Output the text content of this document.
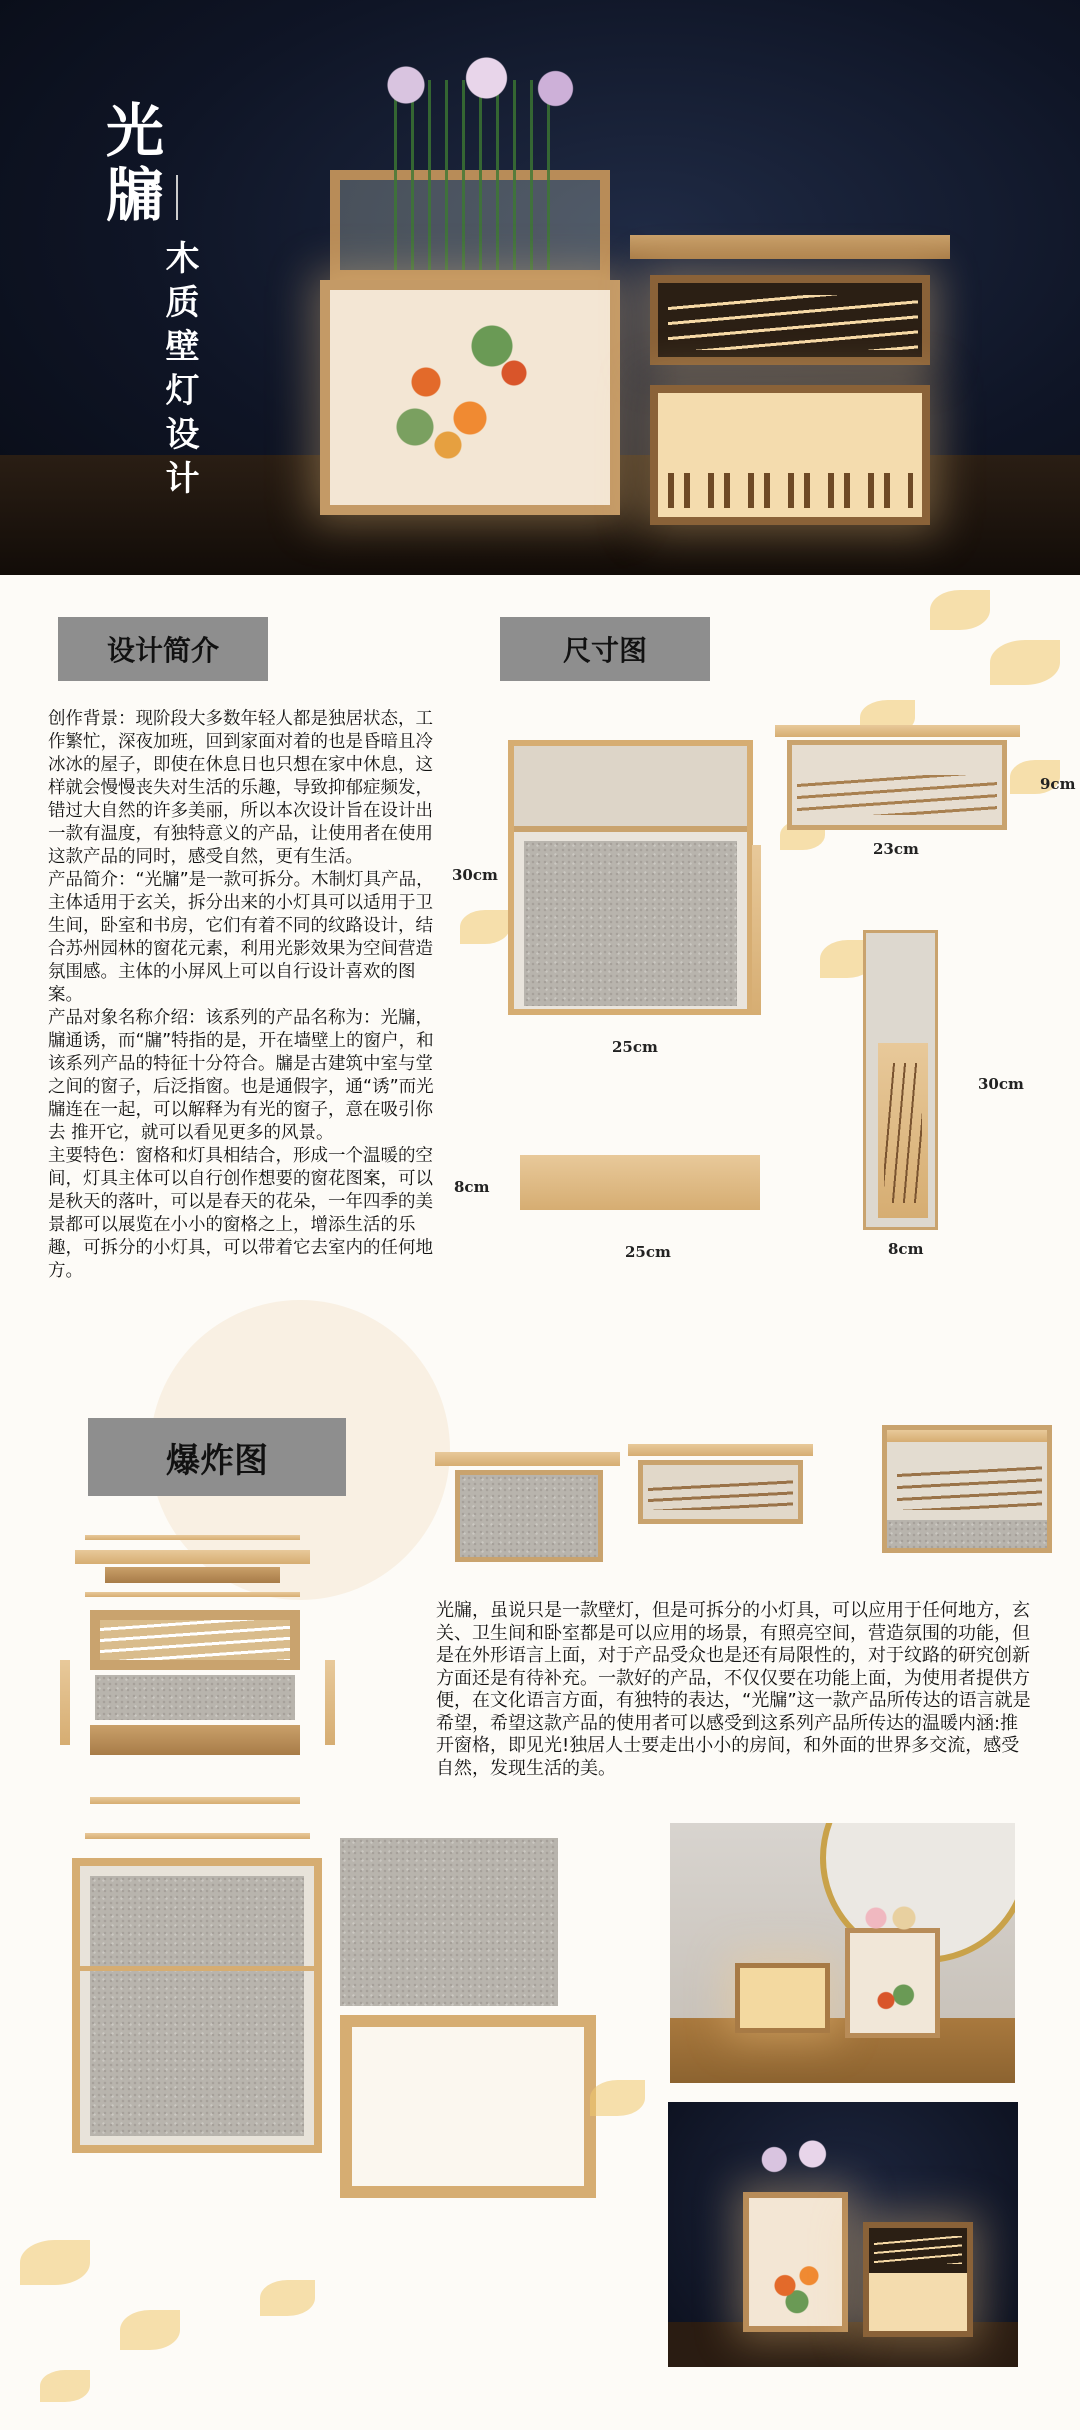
光牖
木质壁灯设计
设计简介	尺寸图

创作背景：现阶段大多数年轻人都是独居状态，工作繁忙，深夜加班，回到家面对着的也是昏暗且冷冰冰的屋子，即使在休息日也只想在家中休息，这样就会慢慢丧失对生活的乐趣，导致抑郁症频发，错过大自然的许多美丽，所以本次设计旨在设计出一款有温度，有独特意义的产品，让使用者在使用这款产品的同时，感受自然，更有生活。

产品简介：“光牖”是一款可拆分。木制灯具产品，主体适用于玄关，拆分出来的小灯具可以适用于卫生间，卧室和书房，它们有着不同的纹路设计，结合苏州园林的窗花元素，利用光影效果为空间营造氛围感。主体的小屏风上可以自行设计喜欢的图案。

产品对象名称介绍：该系列的产品名称为：光牖，牖通诱，而“牖”特指的是，开在墙壁上的窗户，和该系列产品的特征十分符合。牖是古建筑中室与堂之间的窗子，后泛指窗。也是通假字，通“诱”而光牖连在一起，可以解释为有光的窗子，意在吸引你去 推开它，就可以看见更多的风景。

主要特色：窗格和灯具相结合，形成一个温暖的空间，灯具主体可以自行创作想要的窗花图案，可以是秋天的落叶，可以是春天的花朵，一年四季的美景都可以展览在小小的窗格之上，增添生活的乐趣，可拆分的小灯具，可以带着它去室内的任何地方。

30cm
25cm
9cm
23cm
30cm
8cm
8cm
25cm
爆炸图
光牖，虽说只是一款壁灯，但是可拆分的小灯具，可以应用于任何地方，玄关、卫生间和卧室都是可以应用的场景，有照亮空间，营造氛围的功能，但是在外形语言上面，对于产品受众也是还有局限性的，对于纹路的研究创新方面还是有待补充。一款好的产品，不仅仅要在功能上面，为使用者提供方便，在文化语言方面，有独特的表达，“光牖”这一款产品所传达的语言就是希望，希望这款产品的使用者可以感受到这系列产品所传达的温暖内涵:推开窗格，即见光!独居人士要走出小小的房间，和外面的世界多交流，感受自然，发现生活的美。
